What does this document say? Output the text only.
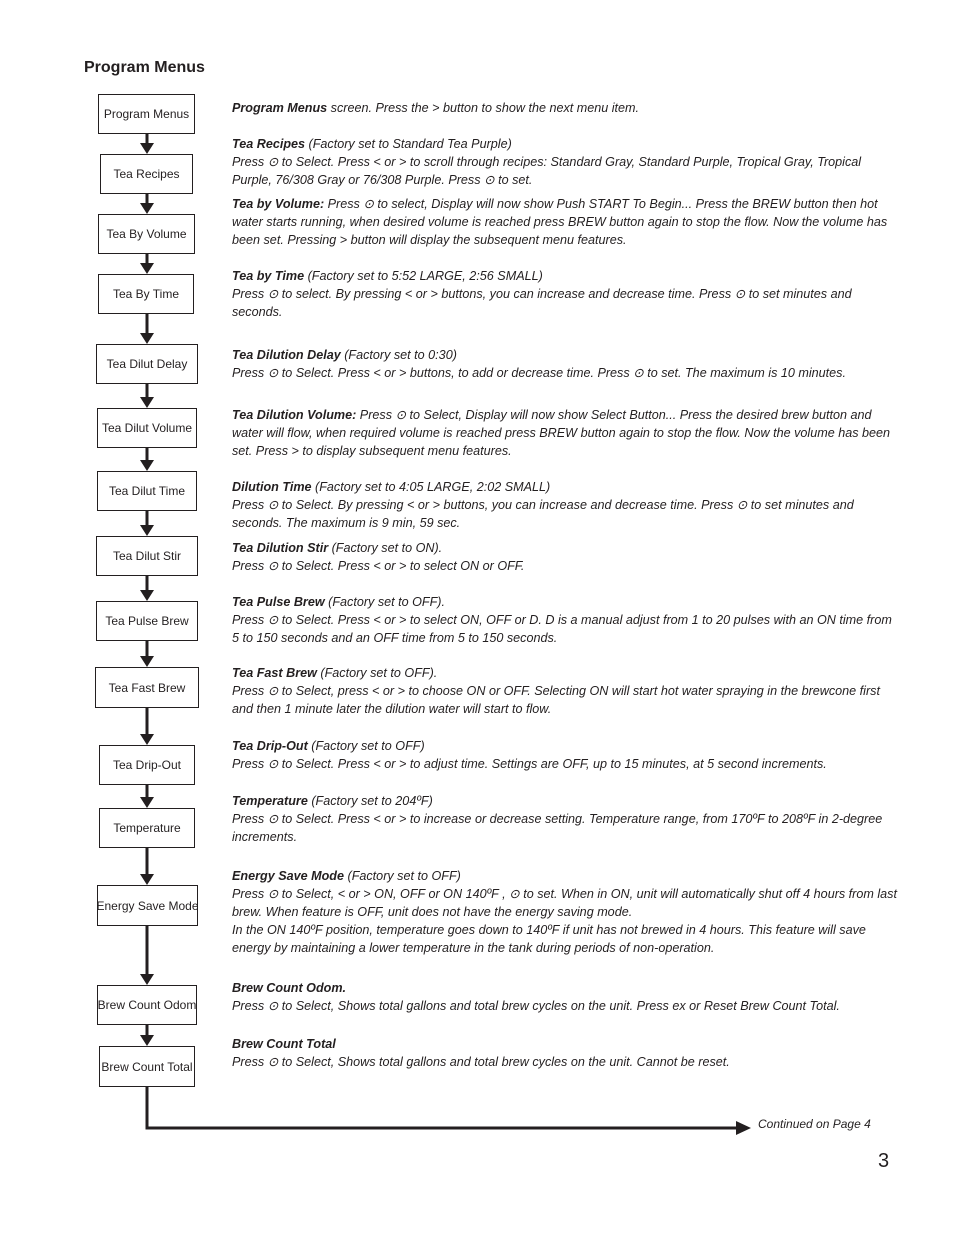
Program Menus
Program Menus
Tea Recipes
Tea By Volume
Tea By Time
Tea Dilut Delay
Tea Dilut Volume
Tea Dilut Time
Tea Dilut Stir
Tea Pulse Brew
Tea Fast Brew
Tea Drip-Out
Temperature
Energy Save Mode
Brew Count Odom
Brew Count Total
Program Menus screen. Press the > button to show the next menu item.
Tea Recipes (Factory set to Standard Tea Purple)
Press ⊙ to Select. Press < or > to scroll through recipes: Standard Gray, Standard Purple, Tropical Gray, Tropical Purple, 76/308 Gray or 76/308 Purple. Press ⊙ to set.
Tea by Volume: Press ⊙ to select, Display will now show Push START To Begin... Press the BREW button then hot water starts running, when desired volume is reached press BREW button again to stop the flow. Now the volume has been set. Pressing > button will display the subsequent menu features.
Tea by Time (Factory set to 5:52 LARGE, 2:56 SMALL)
Press ⊙ to select. By pressing < or > buttons, you can increase and decrease time. Press ⊙ to set minutes and seconds.
Tea Dilution Delay (Factory set to 0:30)
Press ⊙ to Select. Press < or > buttons, to add or decrease time. Press ⊙ to set. The maximum is 10 minutes.
Tea Dilution Volume: Press ⊙ to Select, Display will now show Select Button... Press the desired brew button and water will flow, when required volume is reached press BREW button again to stop the flow. Now the volume has been set. Press > to display subsequent menu features.
Dilution Time (Factory set to 4:05 LARGE, 2:02 SMALL)
Press ⊙ to Select. By pressing < or > buttons, you can increase and decrease time. Press ⊙ to set minutes and seconds. The maximum is 9 min, 59 sec.
Tea Dilution Stir (Factory set to ON).
Press ⊙ to Select. Press < or > to select ON or OFF.
Tea Pulse Brew (Factory set to OFF).
Press ⊙ to Select. Press < or > to select ON, OFF or D. D is a manual adjust from 1 to 20 pulses with an ON time from 5 to 150 seconds and an OFF time from 5 to 150 seconds.
Tea Fast Brew (Factory set to OFF).
Press ⊙ to Select, press < or > to choose ON or OFF. Selecting ON will start hot water spraying in the brewcone first and then 1 minute later the dilution water will start to flow.
Tea Drip-Out (Factory set to OFF)
Press ⊙ to Select. Press < or > to adjust time. Settings are OFF, up to 15 minutes, at 5 second increments.
Temperature (Factory set to 204ºF)
Press ⊙ to Select. Press < or > to increase or decrease setting. Temperature range, from 170ºF to 208ºF in 2-degree increments.
Energy Save Mode (Factory set to OFF)
Press ⊙ to Select, < or > ON, OFF or ON 140ºF , ⊙ to set. When in ON, unit will automatically shut off 4 hours from last brew. When feature is OFF, unit does not have the energy saving mode.
In the ON 140ºF position, temperature goes down to 140ºF if unit has not brewed in 4 hours. This feature will save energy by maintaining a lower temperature in the tank during periods of non-operation.
Brew Count Odom.
Press ⊙ to Select, Shows total gallons and total brew cycles on the unit. Press ex or Reset Brew Count Total.
Brew Count Total
Press ⊙ to Select, Shows total gallons and total brew cycles on the unit. Cannot be reset.
Continued on Page 4
3
